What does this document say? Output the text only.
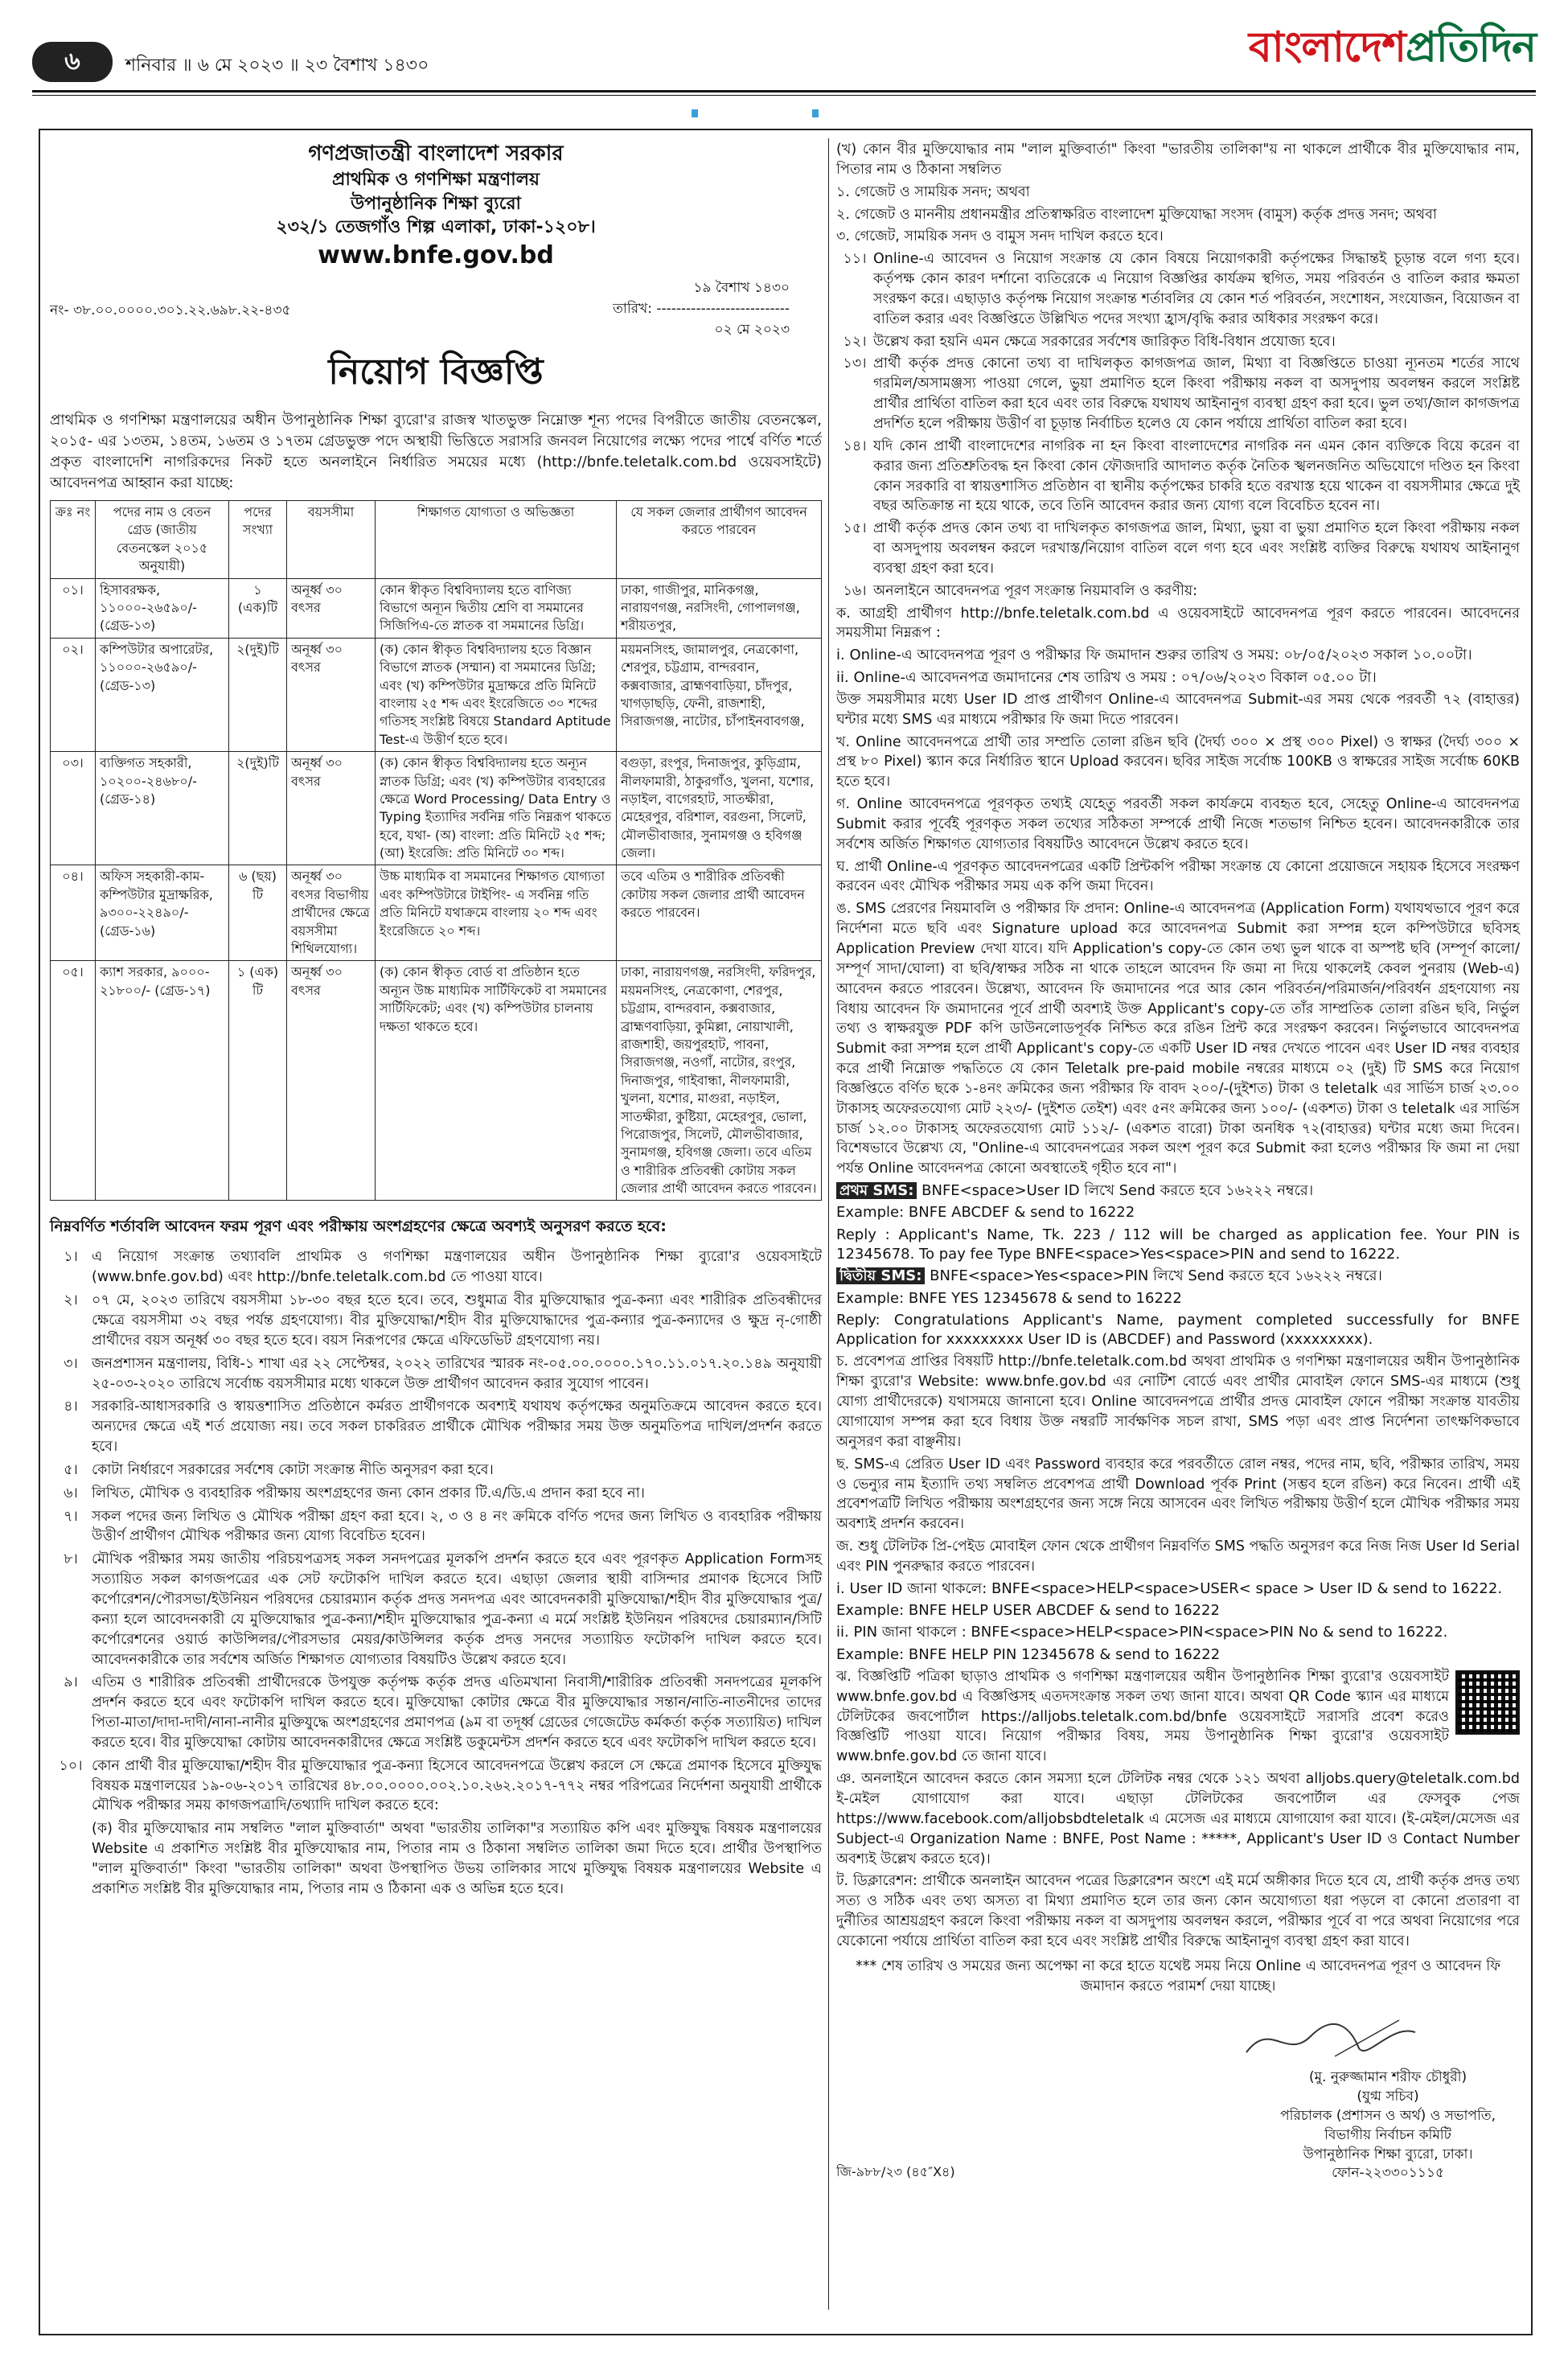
৬	শনিবার ॥ ৬ মে ২০২৩ ॥ ২৩ বৈশাখ ১৪৩০	বাংলাদেশপ্রতিদিন
গণপ্রজাতন্ত্রী বাংলাদেশ সরকার
প্রাথমিক ও গণশিক্ষা মন্ত্রণালয়
উপানুষ্ঠানিক শিক্ষা ব্যুরো
২৩২/১ তেজগাঁও শিল্প এলাকা, ঢাকা-১২০৮।
www.bnfe.gov.bd
নং- ৩৮.০০.০০০০.৩০১.২২.৬৯৮.২২-৪৩৫
১৯ বৈশাখ ১৪৩০
তারিখ: ---------------------------
০২ মে ২০২৩
নিয়োগ বিজ্ঞপ্তি
প্রাথমিক ও গণশিক্ষা মন্ত্রণালয়ের অধীন উপানুষ্ঠানিক শিক্ষা ব্যুরো'র রাজস্ব খাতভুক্ত নিম্নোক্ত শূন্য পদের বিপরীতে জাতীয় বেতনস্কেল, ২০১৫- এর ১৩তম, ১৪তম, ১৬তম ও ১৭তম গ্রেডভুক্ত পদে অস্থায়ী ভিত্তিতে সরাসরি জনবল নিয়োগের লক্ষ্যে পদের পার্শ্বে বর্ণিত শর্তে প্রকৃত বাংলাদেশি নাগরিকদের নিকট হতে অনলাইনে নির্ধারিত সময়ের মধ্যে (http://bnfe.teletalk.com.bd ওয়েবসাইটে) আবেদনপত্র আহ্বান করা যাচ্ছে:
ক্রঃ নং	পদের নাম ও বেতন গ্রেড (জাতীয় বেতনস্কেল ২০১৫ অনুযায়ী)	পদের সংখ্যা	বয়সসীমা	শিক্ষাগত যোগ্যতা ও অভিজ্ঞতা	যে সকল জেলার প্রার্থীগণ আবেদন করতে পারবেন
০১।	হিসাবরক্ষক, ১১০০০-২৬৫৯০/- (গ্রেড-১৩)	১ (এক)টি	অনূর্ধ্ব ৩০ বৎসর	কোন স্বীকৃত বিশ্ববিদ্যালয় হতে বাণিজ্য বিভাগে অন্যূন দ্বিতীয় শ্রেণি বা সমমানের সিজিপিএ-তে স্নাতক বা সমমানের ডিগ্রি।	ঢাকা, গাজীপুর, মানিকগঞ্জ, নারায়ণগঞ্জ, নরসিংদী, গোপালগঞ্জ, শরীয়তপুর,
০২।	কম্পিউটার অপারেটর, ১১০০০-২৬৫৯০/- (গ্রেড-১৩)	২(দুই)টি	অনূর্ধ্ব ৩০ বৎসর	(ক) কোন স্বীকৃত বিশ্ববিদ্যালয় হতে বিজ্ঞান বিভাগে স্নাতক (সম্মান) বা সমমানের ডিগ্রি; এবং (খ) কম্পিউটার মুদ্রাক্ষরে প্রতি মিনিটে বাংলায় ২৫ শব্দ এবং ইংরেজিতে ৩০ শব্দের গতিসহ সংশ্লিষ্ট বিষয়ে Standard Aptitude Test-এ উত্তীর্ণ হতে হবে।	ময়মনসিংহ, জামালপুর, নেত্রকোণা, শেরপুর, চট্টগ্রাম, বান্দরবান, কক্সবাজার, ব্রাহ্মণবাড়িয়া, চাঁদপুর, খাগড়াছড়ি, ফেনী, রাজশাহী, সিরাজগঞ্জ, নাটোর, চাঁপাইনবাবগঞ্জ,
০৩।	ব্যক্তিগত সহকারী, ১০২০০-২৪৬৮০/- (গ্রেড-১৪)	২(দুই)টি	অনূর্ধ্ব ৩০ বৎসর	(ক) কোন স্বীকৃত বিশ্ববিদ্যালয় হতে অন্যূন স্নাতক ডিগ্রি; এবং (খ) কম্পিউটার ব্যবহারের ক্ষেত্রে Word Processing/ Data Entry ও Typing ইত্যাদির সর্বনিম্ন গতি নিম্নরূপ থাকতে হবে, যথা- (অ) বাংলা: প্রতি মিনিটে ২৫ শব্দ; (আ) ইংরেজি: প্রতি মিনিটে ৩০ শব্দ।	বগুড়া, রংপুর, দিনাজপুর, কুড়িগ্রাম, নীলফামারী, ঠাকুরগাঁও, খুলনা, যশোর, নড়াইল, বাগেরহাট, সাতক্ষীরা, মেহেরপুর, বরিশাল, বরগুনা, সিলেট, মৌলভীবাজার, সুনামগঞ্জ ও হবিগঞ্জ জেলা।
০৪।	অফিস সহকারী-কাম-কম্পিউটার মুদ্রাক্ষরিক, ৯৩০০-২২৪৯০/- (গ্রেড-১৬)	৬ (ছয়) টি	অনূর্ধ্ব ৩০ বৎসর বিভাগীয় প্রার্থীদের ক্ষেত্রে বয়সসীমা শিথিলযোগ্য।	উচ্চ মাধ্যমিক বা সমমানের শিক্ষাগত যোগ্যতা এবং কম্পিউটারে টাইপিং- এ সর্বনিম্ন গতি প্রতি মিনিটে যথাক্রমে বাংলায় ২০ শব্দ এবং ইংরেজিতে ২০ শব্দ।	তবে এতিম ও শারীরিক প্রতিবন্ধী কোটায় সকল জেলার প্রার্থী আবেদন করতে পারবেন।
০৫।	ক্যাশ সরকার, ৯০০০- ২১৮০০/- (গ্রেড-১৭)	১ (এক) টি	অনূর্ধ্ব ৩০ বৎসর	(ক) কোন স্বীকৃত বোর্ড বা প্রতিষ্ঠান হতে অন্যূন উচ্চ মাধ্যমিক সার্টিফিকেট বা সমমানের সার্টিফিকেট; এবং (খ) কম্পিউটার চালনায় দক্ষতা থাকতে হবে।	ঢাকা, নারায়ণগঞ্জ, নরসিংদী, ফরিদপুর, ময়মনসিংহ, নেত্রকোণা, শেরপুর, চট্টগ্রাম, বান্দরবান, কক্সবাজার, ব্রাহ্মণবাড়িয়া, কুমিল্লা, নোয়াখালী, রাজশাহী, জয়পুরহাট, পাবনা, সিরাজগঞ্জ, নওগাঁ, নাটোর, রংপুর, দিনাজপুর, গাইবান্ধা, নীলফামারী, খুলনা, যশোর, মাগুরা, নড়াইল, সাতক্ষীরা, কুষ্টিয়া, মেহেরপুর, ভোলা, পিরোজপুর, সিলেট, মৌলভীবাজার, সুনামগঞ্জ, হবিগঞ্জ জেলা। তবে এতিম ও শারীরিক প্রতিবন্ধী কোটায় সকল জেলার প্রার্থী আবেদন করতে পারবেন।
নিম্নবর্ণিত শর্তাবলি আবেদন ফরম পূরণ এবং পরীক্ষায় অংশগ্রহণের ক্ষেত্রে অবশ্যই অনুসরণ করতে হবে:
১। এ নিয়োগ সংক্রান্ত তথ্যাবলি প্রাথমিক ও গণশিক্ষা মন্ত্রণালয়ের অধীন উপানুষ্ঠানিক শিক্ষা ব্যুরো'র ওয়েবসাইটে (www.bnfe.gov.bd) এবং http://bnfe.teletalk.com.bd তে পাওয়া যাবে।
২। ০৭ মে, ২০২৩ তারিখে বয়সসীমা ১৮-৩০ বছর হতে হবে। তবে, শুধুমাত্র বীর মুক্তিযোদ্ধার পুত্র-কন্যা এবং শারীরিক প্রতিবন্ধীদের ক্ষেত্রে বয়সসীমা ৩২ বছর পর্যন্ত গ্রহণযোগ্য। বীর মুক্তিযোদ্ধা/শহীদ বীর মুক্তিযোদ্ধাদের পুত্র-কন্যার পুত্র-কন্যাদের ও ক্ষুদ্র নৃ-গোষ্ঠী প্রার্থীদের বয়স অনূর্ধ্ব ৩০ বছর হতে হবে। বয়স নিরূপণের ক্ষেত্রে এফিডেভিট গ্রহণযোগ্য নয়।
৩। জনপ্রশাসন মন্ত্রণালয়, বিধি-১ শাখা এর ২২ সেপ্টেম্বর, ২০২২ তারিখের স্মারক নং-০৫.০০.০০০০.১৭০.১১.০১৭.২০.১৪৯ অনুযায়ী ২৫-০৩-২০২০ তারিখে সর্বোচ্চ বয়সসীমার মধ্যে থাকলে উক্ত প্রার্থীগণ আবেদন করার সুযোগ পাবেন।
৪। সরকারি-আধাসরকারি ও স্বায়ত্তশাসিত প্রতিষ্ঠানে কর্মরত প্রার্থীগণকে অবশ্যই যথাযথ কর্তৃপক্ষের অনুমতিক্রমে আবেদন করতে হবে। অন্যদের ক্ষেত্রে এই শর্ত প্রযোজ্য নয়। তবে সকল চাকরিরত প্রার্থীকে মৌখিক পরীক্ষার সময় উক্ত অনুমতিপত্র দাখিল/প্রদর্শন করতে হবে।
৫। কোটা নির্ধারণে সরকারের সর্বশেষ কোটা সংক্রান্ত নীতি অনুসরণ করা হবে।
৬। লিখিত, মৌখিক ও ব্যবহারিক পরীক্ষায় অংশগ্রহণের জন্য কোন প্রকার টি.এ/ডি.এ প্রদান করা হবে না।
৭। সকল পদের জন্য লিখিত ও মৌখিক পরীক্ষা গ্রহণ করা হবে। ২, ৩ ও ৪ নং ক্রমিকে বর্ণিত পদের জন্য লিখিত ও ব্যবহারিক পরীক্ষায় উত্তীর্ণ প্রার্থীগণ মৌখিক পরীক্ষার জন্য যোগ্য বিবেচিত হবেন।
৮। মৌখিক পরীক্ষার সময় জাতীয় পরিচয়পত্রসহ সকল সনদপত্রের মূলকপি প্রদর্শন করতে হবে এবং পূরণকৃত Application Formসহ সত্যায়িত সকল কাগজপত্রের এক সেট ফটোকপি দাখিল করতে হবে। এছাড়া জেলার স্থায়ী বাসিন্দার প্রমাণক হিসেবে সিটি কর্পোরেশন/পৌরসভা/ইউনিয়ন পরিষদের চেয়ারম্যান কর্তৃক প্রদত্ত সনদপত্র এবং আবেদনকারী মুক্তিযোদ্ধা/শহীদ বীর মুক্তিযোদ্ধার পুত্র/কন্যা হলে আবেদনকারী যে মুক্তিযোদ্ধার পুত্র-কন্যা/শহীদ মুক্তিযোদ্ধার পুত্র-কন্যা এ মর্মে সংশ্লিষ্ট ইউনিয়ন পরিষদের চেয়ারম্যান/সিটি কর্পোরেশনের ওয়ার্ড কাউন্সিলর/পৌরসভার মেয়র/কাউন্সিলর কর্তৃক প্রদত্ত সনদের সত্যায়িত ফটোকপি দাখিল করতে হবে। আবেদনকারীকে তার সর্বশেষ অর্জিত শিক্ষাগত যোগ্যতার বিষয়টিও উল্লেখ করতে হবে।
৯। এতিম ও শারীরিক প্রতিবন্ধী প্রার্থীদেরকে উপযুক্ত কর্তৃপক্ষ কর্তৃক প্রদত্ত এতিমখানা নিবাসী/শারীরিক প্রতিবন্ধী সনদপত্রের মূলকপি প্রদর্শন করতে হবে এবং ফটোকপি দাখিল করতে হবে। মুক্তিযোদ্ধা কোটার ক্ষেত্রে বীর মুক্তিযোদ্ধার সন্তান/নাতি-নাতনীদের তাদের পিতা-মাতা/দাদা-দাদী/নানা-নানীর মুক্তিযুদ্ধে অংশগ্রহণের প্রমাণপত্র (৯ম বা তদূর্ধ্ব গ্রেডের গেজেটেড কর্মকর্তা কর্তৃক সত্যায়িত) দাখিল করতে হবে। বীর মুক্তিযোদ্ধা কোটায় আবেদনকারীদের ক্ষেত্রে সংশ্লিষ্ট ডকুমেন্টস প্রদর্শন করতে হবে এবং ফটোকপি দাখিল করতে হবে।
১০। কোন প্রার্থী বীর মুক্তিযোদ্ধা/শহীদ বীর মুক্তিযোদ্ধার পুত্র-কন্যা হিসেবে আবেদনপত্রে উল্লেখ করলে সে ক্ষেত্রে প্রমাণক হিসেবে মুক্তিযুদ্ধ বিষয়ক মন্ত্রণালয়ের ১৯-০৬-২০১৭ তারিখের ৪৮.০০.০০০০.০০২.১০.২৬২.২০১৭-৭৭২ নম্বর পরিপত্রের নির্দেশনা অনুযায়ী প্রার্থীকে মৌখিক পরীক্ষার সময় কাগজপত্রাদি/তথ্যাদি দাখিল করতে হবে:
(ক) বীর মুক্তিযোদ্ধার নাম সম্বলিত "লাল মুক্তিবার্তা" অথবা "ভারতীয় তালিকা"র সত্যায়িত কপি এবং মুক্তিযুদ্ধ বিষয়ক মন্ত্রণালয়ের Website এ প্রকাশিত সংশ্লিষ্ট বীর মুক্তিযোদ্ধার নাম, পিতার নাম ও ঠিকানা সম্বলিত তালিকা জমা দিতে হবে। প্রার্থীর উপস্থাপিত "লাল মুক্তিবার্তা" কিংবা "ভারতীয় তালিকা" অথবা উপস্থাপিত উভয় তালিকার সাথে মুক্তিযুদ্ধ বিষয়ক মন্ত্রণালয়ের Website এ প্রকাশিত সংশ্লিষ্ট বীর মুক্তিযোদ্ধার নাম, পিতার নাম ও ঠিকানা এক ও অভিন্ন হতে হবে।
(খ) কোন বীর মুক্তিযোদ্ধার নাম "লাল মুক্তিবার্তা" কিংবা "ভারতীয় তালিকা"য় না থাকলে প্রার্থীকে বীর মুক্তিযোদ্ধার নাম, পিতার নাম ও ঠিকানা সম্বলিত
১. গেজেট ও সাময়িক সনদ; অথবা
২. গেজেট ও মাননীয় প্রধানমন্ত্রীর প্রতিস্বাক্ষরিত বাংলাদেশ মুক্তিযোদ্ধা সংসদ (বামুস) কর্তৃক প্রদত্ত সনদ; অথবা
৩. গেজেট, সাময়িক সনদ ও বামুস সনদ দাখিল করতে হবে।
১১। Online-এ আবেদন ও নিয়োগ সংক্রান্ত যে কোন বিষয়ে নিয়োগকারী কর্তৃপক্ষের সিদ্ধান্তই চূড়ান্ত বলে গণ্য হবে। কর্তৃপক্ষ কোন কারণ দর্শানো ব্যতিরেকে এ নিয়োগ বিজ্ঞপ্তির কার্যক্রম স্থগিত, সময় পরিবর্তন ও বাতিল করার ক্ষমতা সংরক্ষণ করে। এছাড়াও কর্তৃপক্ষ নিয়োগ সংক্রান্ত শর্তাবলির যে কোন শর্ত পরিবর্তন, সংশোধন, সংযোজন, বিয়োজন বা বাতিল করার এবং বিজ্ঞপ্তিতে উল্লিখিত পদের সংখ্যা হ্রাস/বৃদ্ধি করার অধিকার সংরক্ষণ করে।
১২। উল্লেখ করা হয়নি এমন ক্ষেত্রে সরকারের সর্বশেষ জারিকৃত বিধি-বিধান প্রযোজ্য হবে।
১৩। প্রার্থী কর্তৃক প্রদত্ত কোনো তথ্য বা দাখিলকৃত কাগজপত্র জাল, মিথ্যা বা বিজ্ঞপ্তিতে চাওয়া ন্যূনতম শর্তের সাথে গরমিল/অসামঞ্জস্য পাওয়া গেলে, ভুয়া প্রমাণিত হলে কিংবা পরীক্ষায় নকল বা অসদুপায় অবলম্বন করলে সংশ্লিষ্ট প্রার্থীর প্রার্থিতা বাতিল করা হবে এবং তার বিরুদ্ধে যথাযথ আইনানুগ ব্যবস্থা গ্রহণ করা হবে। ভুল তথ্য/জাল কাগজপত্র প্রদর্শিত হলে পরীক্ষায় উত্তীর্ণ বা চূড়ান্ত নির্বাচিত হলেও যে কোন পর্যায়ে প্রার্থিতা বাতিল করা হবে।
১৪। যদি কোন প্রার্থী বাংলাদেশের নাগরিক না হন কিংবা বাংলাদেশের নাগরিক নন এমন কোন ব্যক্তিকে বিয়ে করেন বা করার জন্য প্রতিশ্রুতিবদ্ধ হন কিংবা কোন ফৌজদারি আদালত কর্তৃক নৈতিক স্খলনজনিত অভিযোগে দণ্ডিত হন কিংবা কোন সরকারি বা স্বায়ত্তশাসিত প্রতিষ্ঠান বা স্থানীয় কর্তৃপক্ষের চাকরি হতে বরখাস্ত হয়ে থাকেন বা বয়সসীমার ক্ষেত্রে দুই বছর অতিক্রান্ত না হয়ে থাকে, তবে তিনি আবেদন করার জন্য যোগ্য বলে বিবেচিত হবেন না।
১৫। প্রার্থী কর্তৃক প্রদত্ত কোন তথ্য বা দাখিলকৃত কাগজপত্র জাল, মিথ্যা, ভুয়া বা ভুয়া প্রমাণিত হলে কিংবা পরীক্ষায় নকল বা অসদুপায় অবলম্বন করলে দরখাস্ত/নিয়োগ বাতিল বলে গণ্য হবে এবং সংশ্লিষ্ট ব্যক্তির বিরুদ্ধে যথাযথ আইনানুগ ব্যবস্থা গ্রহণ করা হবে।
১৬। অনলাইনে আবেদনপত্র পূরণ সংক্রান্ত নিয়মাবলি ও করণীয়:
ক. আগ্রহী প্রার্থীগণ http://bnfe.teletalk.com.bd এ ওয়েবসাইটে আবেদনপত্র পূরণ করতে পারবেন। আবেদনের সময়সীমা নিম্নরূপ :
i. Online-এ আবেদনপত্র পূরণ ও পরীক্ষার ফি জমাদান শুরুর তারিখ ও সময়: ০৮/০৫/২০২৩ সকাল ১০.০০টা।
ii. Online-এ আবেদনপত্র জমাদানের শেষ তারিখ ও সময় : ০৭/০৬/২০২৩ বিকাল ০৫.০০ টা।
উক্ত সময়সীমার মধ্যে User ID প্রাপ্ত প্রার্থীগণ Online-এ আবেদনপত্র Submit-এর সময় থেকে পরবর্তী ৭২ (বাহাত্তর) ঘন্টার মধ্যে SMS এর মাধ্যমে পরীক্ষার ফি জমা দিতে পারবেন।
খ. Online আবেদনপত্রে প্রার্থী তার সম্প্রতি তোলা রঙিন ছবি (দৈর্ঘ্য ৩০০ × প্রস্থ ৩০০ Pixel) ও স্বাক্ষর (দৈর্ঘ্য ৩০০ × প্রস্থ ৮০ Pixel) স্ক্যান করে নির্ধারিত স্থানে Upload করবেন। ছবির সাইজ সর্বোচ্চ 100KB ও স্বাক্ষরের সাইজ সর্বোচ্চ 60KB হতে হবে।
গ. Online আবেদনপত্রে পূরণকৃত তথ্যই যেহেতু পরবর্তী সকল কার্যক্রমে ব্যবহৃত হবে, সেহেতু Online-এ আবেদনপত্র Submit করার পূর্বেই পূরণকৃত সকল তথ্যের সঠিকতা সম্পর্কে প্রার্থী নিজে শতভাগ নিশ্চিত হবেন। আবেদনকারীকে তার সর্বশেষ অর্জিত শিক্ষাগত যোগ্যতার বিষয়টিও আবেদনে উল্লেখ করতে হবে।
ঘ. প্রার্থী Online-এ পূরণকৃত আবেদনপত্রের একটি প্রিন্টকপি পরীক্ষা সংক্রান্ত যে কোনো প্রয়োজনে সহায়ক হিসেবে সংরক্ষণ করবেন এবং মৌখিক পরীক্ষার সময় এক কপি জমা দিবেন।
ঙ. SMS প্রেরণের নিয়মাবলি ও পরীক্ষার ফি প্রদান: Online-এ আবেদনপত্র (Application Form) যথাযথভাবে পূরণ করে নির্দেশনা মতে ছবি এবং Signature upload করে আবেদনপত্র Submit করা সম্পন্ন হলে কম্পিউটারে ছবিসহ Application Preview দেখা যাবে। যদি Application's copy-তে কোন তথ্য ভুল থাকে বা অস্পষ্ট ছবি (সম্পূর্ণ কালো/সম্পূর্ণ সাদা/ঘোলা) বা ছবি/স্বাক্ষর সঠিক না থাকে তাহলে আবেদন ফি জমা না দিয়ে থাকলেই কেবল পুনরায় (Web-এ) আবেদন করতে পারবেন। উল্লেখ্য, আবেদন ফি জমাদানের পরে আর কোন পরিবর্তন/পরিমার্জন/পরিবর্ধন গ্রহণযোগ্য নয় বিধায় আবেদন ফি জমাদানের পূর্বে প্রার্থী অবশ্যই উক্ত Applicant's copy-তে তাঁর সাম্প্রতিক তোলা রঙিন ছবি, নির্ভুল তথ্য ও স্বাক্ষরযুক্ত PDF কপি ডাউনলোডপূর্বক নিশ্চিত করে রঙিন প্রিন্ট করে সংরক্ষণ করবেন। নির্ভুলভাবে আবেদনপত্র Submit করা সম্পন্ন হলে প্রার্থী Applicant's copy-তে একটি User ID নম্বর দেখতে পাবেন এবং User ID নম্বর ব্যবহার করে প্রার্থী নিম্নোক্ত পদ্ধতিতে যে কোন Teletalk pre-paid mobile নম্বরের মাধ্যমে ০২ (দুই) টি SMS করে নিয়োগ বিজ্ঞপ্তিতে বর্ণিত ছকে ১-৪নং ক্রমিকের জন্য পরীক্ষার ফি বাবদ ২০০/-(দুইশত) টাকা ও teletalk এর সার্ভিস চার্জ ২৩.০০ টাকাসহ অফেরতযোগ্য মোট ২২৩/- (দুইশত তেইশ) এবং ৫নং ক্রমিকের জন্য ১০০/- (একশত) টাকা ও teletalk এর সার্ভিস চার্জ ১২.০০ টাকাসহ অফেরতযোগ্য মোট ১১২/- (একশত বারো) টাকা অনধিক ৭২(বাহাত্তর) ঘন্টার মধ্যে জমা দিবেন। বিশেষভাবে উল্লেখ্য যে, "Online-এ আবেদনপত্রের সকল অংশ পূরণ করে Submit করা হলেও পরীক্ষার ফি জমা না দেয়া পর্যন্ত Online আবেদনপত্র কোনো অবস্থাতেই গৃহীত হবে না"।
প্রথম SMS: BNFE<space>User ID লিখে Send করতে হবে ১৬২২২ নম্বরে।
Example: BNFE ABCDEF & send to 16222
Reply : Applicant's Name, Tk. 223 / 112 will be charged as application fee. Your PIN is 12345678. To pay fee Type BNFE<space>Yes<space>PIN and send to 16222.
দ্বিতীয় SMS: BNFE<space>Yes<space>PIN লিখে Send করতে হবে ১৬২২২ নম্বরে।
Example: BNFE YES 12345678 & send to 16222
Reply: Congratulations Applicant's Name, payment completed successfully for BNFE Application for xxxxxxxxx User ID is (ABCDEF) and Password (xxxxxxxxx).
চ. প্রবেশপত্র প্রাপ্তির বিষয়টি http://bnfe.teletalk.com.bd অথবা প্রাথমিক ও গণশিক্ষা মন্ত্রণালয়ের অধীন উপানুষ্ঠানিক শিক্ষা ব্যুরো'র Website: www.bnfe.gov.bd এর নোটিশ বোর্ডে এবং প্রার্থীর মোবাইল ফোনে SMS-এর মাধ্যমে (শুধু যোগ্য প্রার্থীদেরকে) যথাসময়ে জানানো হবে। Online আবেদনপত্রে প্রার্থীর প্রদত্ত মোবাইল ফোনে পরীক্ষা সংক্রান্ত যাবতীয় যোগাযোগ সম্পন্ন করা হবে বিধায় উক্ত নম্বরটি সার্বক্ষণিক সচল রাখা, SMS পড়া এবং প্রাপ্ত নির্দেশনা তাৎক্ষণিকভাবে অনুসরণ করা বাঞ্ছনীয়।
ছ. SMS-এ প্রেরিত User ID এবং Password ব্যবহার করে পরবর্তীতে রোল নম্বর, পদের নাম, ছবি, পরীক্ষার তারিখ, সময় ও ভেন্যুর নাম ইত্যাদি তথ্য সম্বলিত প্রবেশপত্র প্রার্থী Download পূর্বক Print (সম্ভব হলে রঙিন) করে নিবেন। প্রার্থী এই প্রবেশপত্রটি লিখিত পরীক্ষায় অংশগ্রহণের জন্য সঙ্গে নিয়ে আসবেন এবং লিখিত পরীক্ষায় উত্তীর্ণ হলে মৌখিক পরীক্ষার সময় অবশ্যই প্রদর্শন করবেন।
জ. শুধু টেলিটক প্রি-পেইড মোবাইল ফোন থেকে প্রার্থীগণ নিম্নবর্ণিত SMS পদ্ধতি অনুসরণ করে নিজ নিজ User Id Serial এবং PIN পুনরুদ্ধার করতে পারবেন।
i. User ID জানা থাকলে: BNFE<space>HELP<space>USER< space > User ID & send to 16222.
Example: BNFE HELP USER ABCDEF & send to 16222
ii. PIN জানা থাকলে : BNFE<space>HELP<space>PIN<space>PIN No & send to 16222.
Example: BNFE HELP PIN 12345678 & send to 16222
ঝ. বিজ্ঞপ্তিটি পত্রিকা ছাড়াও প্রাথমিক ও গণশিক্ষা মন্ত্রণালয়ের অধীন উপানুষ্ঠানিক শিক্ষা ব্যুরো'র ওয়েবসাইট www.bnfe.gov.bd এ বিজ্ঞপ্তিসহ এতদসংক্রান্ত সকল তথ্য জানা যাবে। অথবা QR Code স্ক্যান এর মাধ্যমে টেলিটকের জবপোর্টাল https://alljobs.teletalk.com.bd/bnfe ওয়েবসাইটে সরাসরি প্রবেশ করেও বিজ্ঞপ্তিটি পাওয়া যাবে। নিয়োগ পরীক্ষার বিষয়, সময় উপানুষ্ঠানিক শিক্ষা ব্যুরো'র ওয়েবসাইট www.bnfe.gov.bd তে জানা যাবে।
ঞ. অনলাইনে আবেদন করতে কোন সমস্যা হলে টেলিটক নম্বর থেকে ১২১ অথবা alljobs.query@teletalk.com.bd ই-মেইল যোগাযোগ করা যাবে। এছাড়া টেলিটকের জবপোর্টাল এর ফেসবুক পেজ https://www.facebook.com/alljobsbdteletalk এ মেসেজ এর মাধ্যমে যোগাযোগ করা যাবে। (ই-মেইল/মেসেজ এর Subject-এ Organization Name : BNFE, Post Name : *****, Applicant's User ID ও Contact Number অবশ্যই উল্লেখ করতে হবে)।
ট. ডিক্লারেশন: প্রার্থীকে অনলাইন আবেদন পত্রের ডিক্লারেশন অংশে এই মর্মে অঙ্গীকার দিতে হবে যে, প্রার্থী কর্তৃক প্রদত্ত তথ্য সত্য ও সঠিক এবং তথ্য অসত্য বা মিথ্যা প্রমাণিত হলে তার জন্য কোন অযোগ্যতা ধরা পড়লে বা কোনো প্রতারণা বা দুর্নীতির আশ্রয়গ্রহণ করলে কিংবা পরীক্ষায় নকল বা অসদুপায় অবলম্বন করলে, পরীক্ষার পূর্বে বা পরে অথবা নিয়োগের পরে যেকোনো পর্যায়ে প্রার্থিতা বাতিল করা হবে এবং সংশ্লিষ্ট প্রার্থীর বিরুদ্ধে আইনানুগ ব্যবস্থা গ্রহণ করা যাবে।
*** শেষ তারিখ ও সময়ের জন্য অপেক্ষা না করে হাতে যথেষ্ট সময় নিয়ে Online এ আবেদনপত্র পূরণ ও আবেদন ফি জমাদান করতে পরামর্শ দেয়া যাচ্ছে।
(মু. নুরুজ্জামান শরীফ চৌধুরী)
(যুগ্ম সচিব)
পরিচালক (প্রশাসন ও অর্থ) ও সভাপতি,
বিভাগীয় নির্বাচন কমিটি
উপানুষ্ঠানিক শিক্ষা ব্যুরো, ঢাকা।
ফোন-২২৩৩০১১১৫
জি-৯৮৮/২৩ (৪৫″X৪)
